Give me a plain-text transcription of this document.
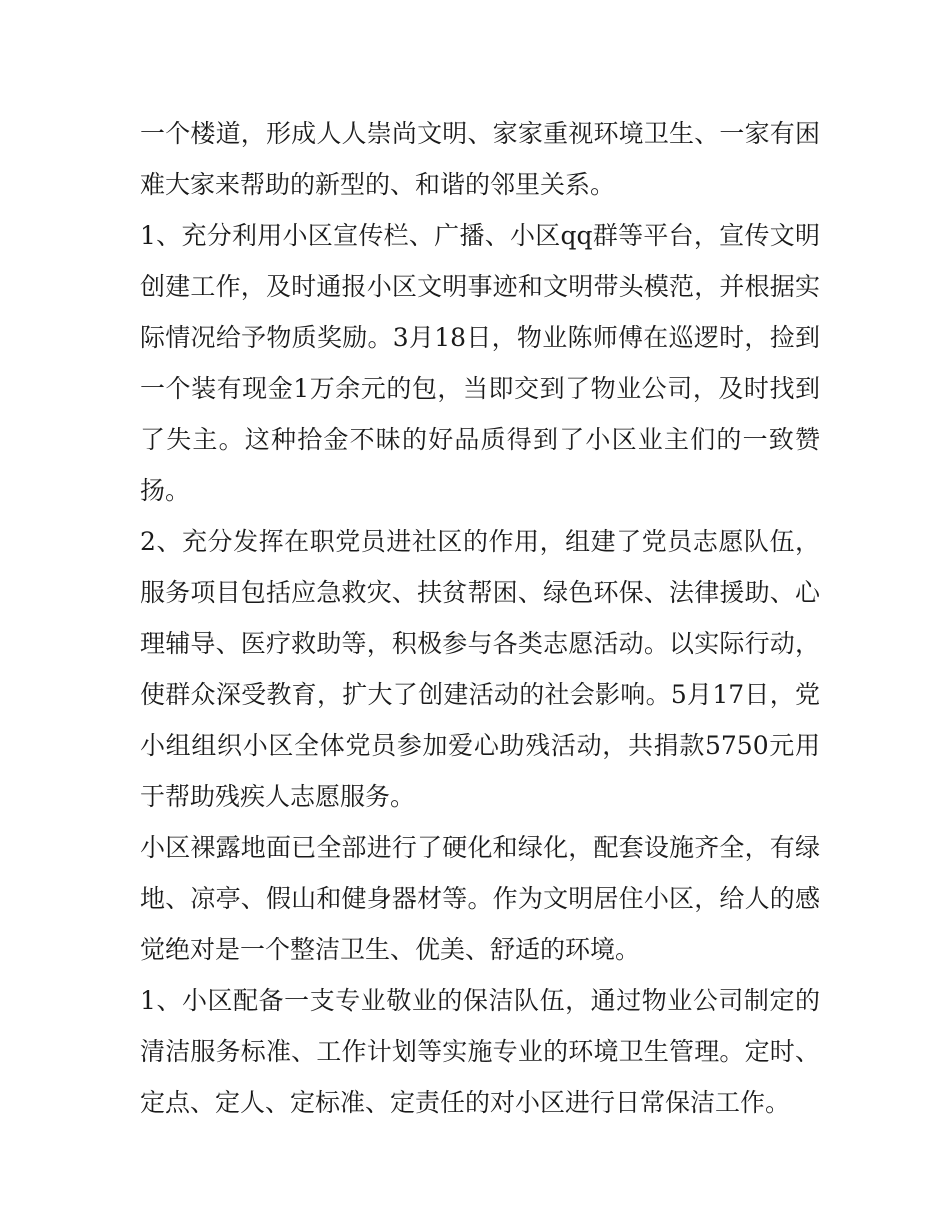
一个楼道，形成人人崇尚文明、家家重视环境卫生、一家有困难大家来帮助的新型的、和谐的邻里关系。

1、充分利用小区宣传栏、广播、小区qq群等平台，宣传文明创建工作，及时通报小区文明事迹和文明带头模范，并根据实际情况给予物质奖励。3月18日，物业陈师傅在巡逻时，捡到一个装有现金1万余元的包，当即交到了物业公司，及时找到了失主。这种拾金不昧的好品质得到了小区业主们的一致赞扬。

2、充分发挥在职党员进社区的作用，组建了党员志愿队伍，服务项目包括应急救灾、扶贫帮困、绿色环保、法律援助、心理辅导、医疗救助等，积极参与各类志愿活动。以实际行动，使群众深受教育，扩大了创建活动的社会影响。5月17日，党小组组织小区全体党员参加爱心助残活动，共捐款5750元用于帮助残疾人志愿服务。

小区裸露地面已全部进行了硬化和绿化，配套设施齐全，有绿地、凉亭、假山和健身器材等。作为文明居住小区，给人的感觉绝对是一个整洁卫生、优美、舒适的环境。

1、小区配备一支专业敬业的保洁队伍，通过物业公司制定的清洁服务标准、工作计划等实施专业的环境卫生管理。定时、定点、定人、定标准、定责任的对小区进行日常保洁工作。
